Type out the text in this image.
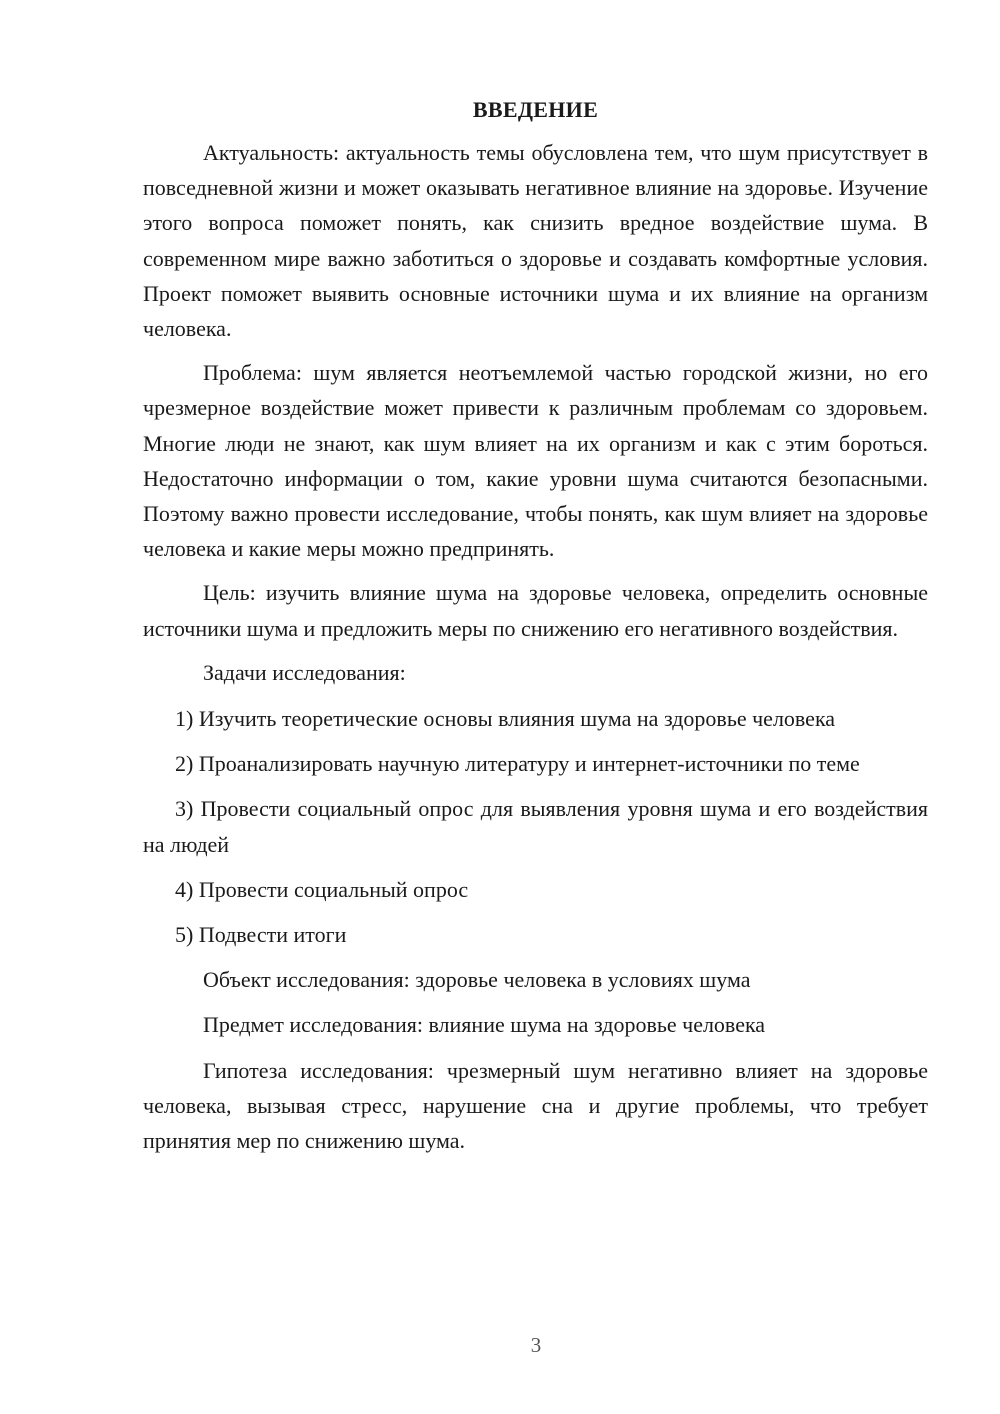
ВВЕДЕНИЕ

Актуальность: актуальность темы обусловлена тем, что шум присутствует в повседневной жизни и может оказывать негативное влияние на здоровье. Изучение этого вопроса поможет понять, как снизить вредное воздействие шума. В современном мире важно заботиться о здоровье и создавать комфортные условия. Проект поможет выявить основные источники шума и их влияние на организм человека.

Проблема: шум является неотъемлемой частью городской жизни, но его чрезмерное воздействие может привести к различным проблемам со здоровьем. Многие люди не знают, как шум влияет на их организм и как с этим бороться. Недостаточно информации о том, какие уровни шума считаются безопасными. Поэтому важно провести исследование, чтобы понять, как шум влияет на здоровье человека и какие меры можно предпринять.

Цель: изучить влияние шума на здоровье человека, определить основные источники шума и предложить меры по снижению его негативного воздействия.

Задачи исследования:

1) Изучить теоретические основы влияния шума на здоровье человека

2) Проанализировать научную литературу и интернет-источники по теме

3) Провести социальный опрос для выявления уровня шума и его воздействия на людей

4) Провести социальный опрос

5) Подвести итоги

Объект исследования: здоровье человека в условиях шума

Предмет исследования: влияние шума на здоровье человека

Гипотеза исследования: чрезмерный шум негативно влияет на здоровье человека, вызывая стресс, нарушение сна и другие проблемы, что требует принятия мер по снижению шума.

3
